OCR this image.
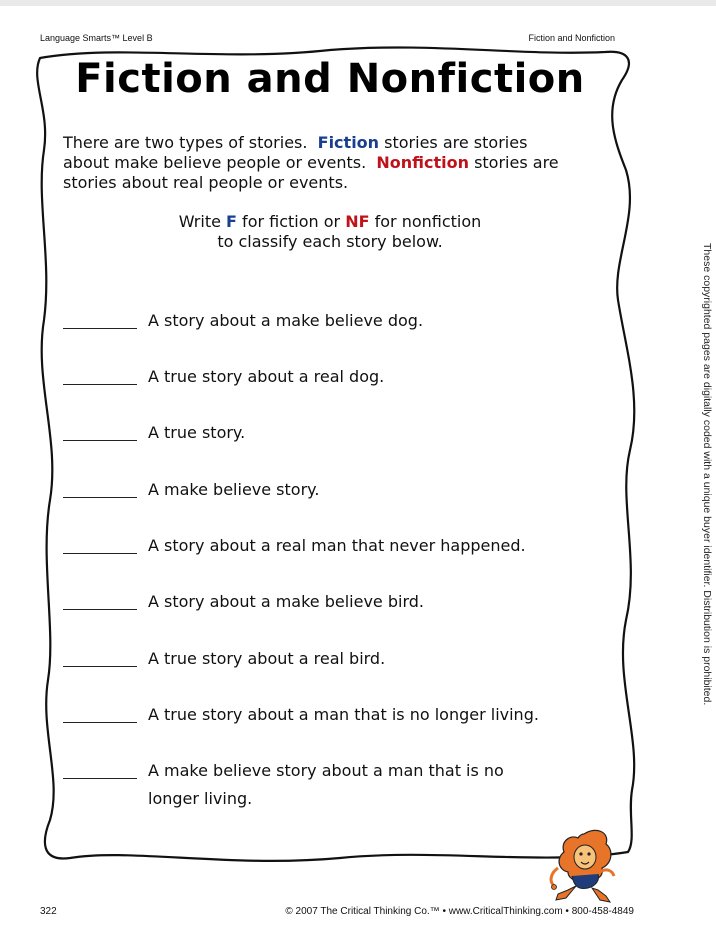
Language Smarts™ Level B	Fiction and Nonfiction
Fiction and Nonfiction
There are two types of stories. Fiction stories are stories
about make believe people or events. Nonfiction stories are
stories about real people or events.
Write F for fiction or NF for nonfiction
to classify each story below.
A story about a make believe dog.
A true story about a real dog.
A true story.
A make believe story.
A story about a real man that never happened.
A story about a make believe bird.
A true story about a real bird.
A true story about a man that is no longer living.
A make believe story about a man that is no longer living.
These copyrighted pages are digitally coded with a unique buyer identifier. Distribution is prohibited.
322	© 2007 The Critical Thinking Co.™ • www.CriticalThinking.com • 800-458-4849
